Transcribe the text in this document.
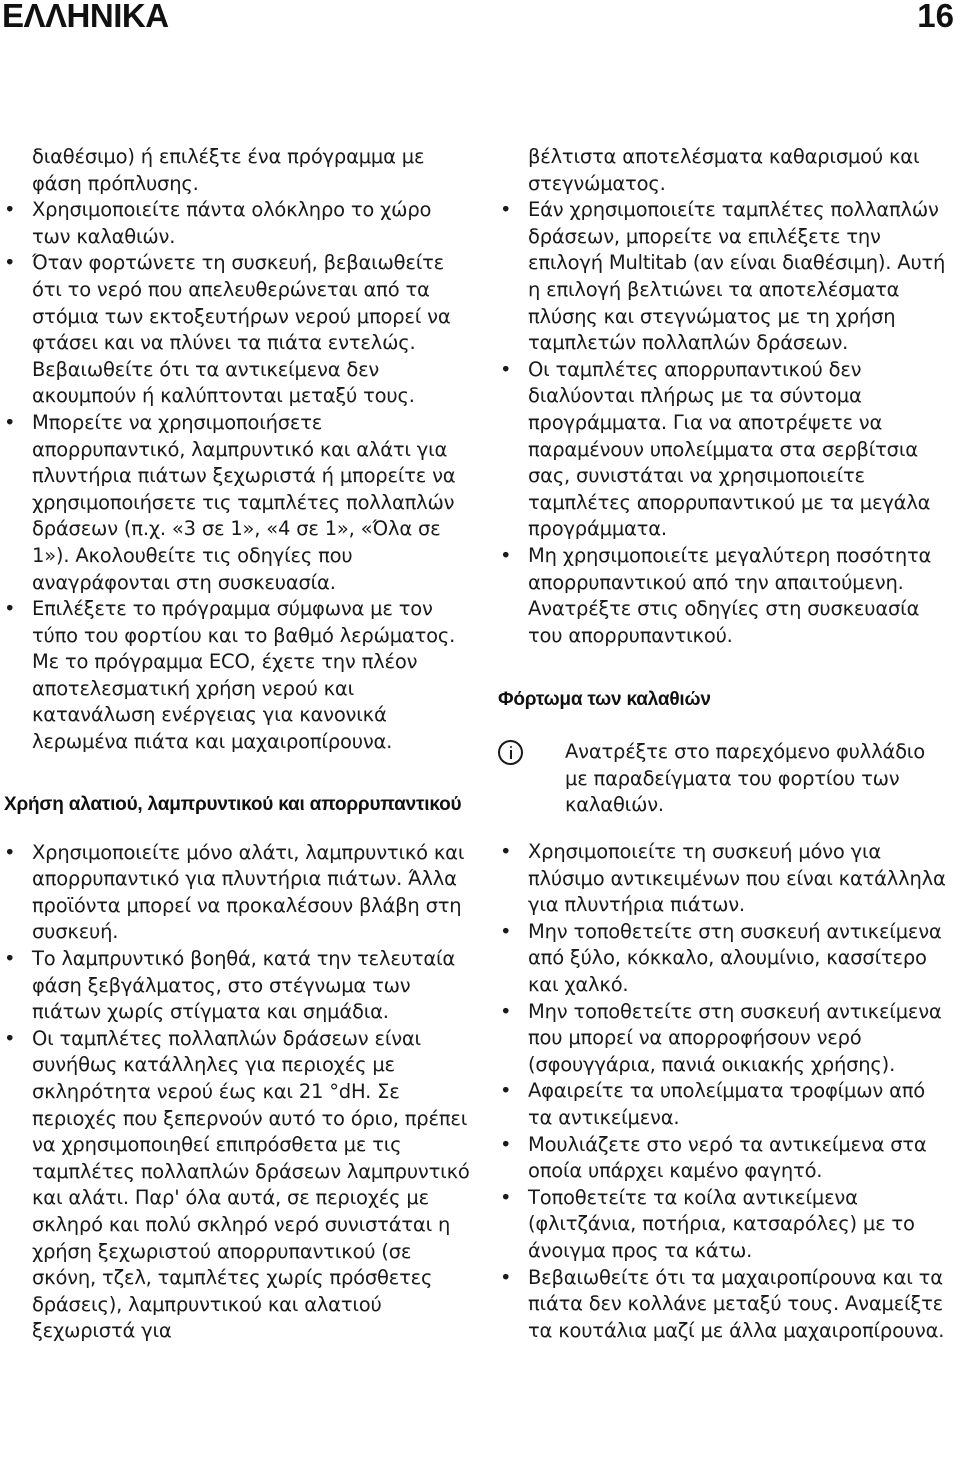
ΕΛΛΗΝΙΚΑ	16

διαθέσιμο) ή επιλέξτε ένα πρόγραμμα με φάση πρόπλυσης.

• Χρησιμοποιείτε πάντα ολόκληρο το χώρο των καλαθιών.
• Όταν φορτώνετε τη συσκευή, βεβαιωθείτε ότι το νερό που απελευθερώνεται από τα στόμια των εκτοξευτήρων νερού μπορεί να φτάσει και να πλύνει τα πιάτα εντελώς. Βεβαιωθείτε ότι τα αντικείμενα δεν ακουμπούν ή καλύπτονται μεταξύ τους.
• Μπορείτε να χρησιμοποιήσετε απορρυπαντικό, λαμπρυντικό και αλάτι για πλυντήρια πιάτων ξεχωριστά ή μπορείτε να χρησιμοποιήσετε τις ταμπλέτες πολλαπλών δράσεων (π.χ. «3 σε 1», «4 σε 1», «Όλα σε 1»). Ακολουθείτε τις οδηγίες που αναγράφονται στη συσκευασία.
• Επιλέξετε το πρόγραμμα σύμφωνα με τον τύπο του φορτίου και το βαθμό λερώματος. Με το πρόγραμμα ECO, έχετε την πλέον αποτελεσματική χρήση νερού και κατανάλωση ενέργειας για κανονικά λερωμένα πιάτα και μαχαιροπίρουνα.
Χρήση αλατιού, λαμπρυντικού και απορρυπαντικού
• Χρησιμοποιείτε μόνο αλάτι, λαμπρυντικό και απορρυπαντικό για πλυντήρια πιάτων. Άλλα προϊόντα μπορεί να προκαλέσουν βλάβη στη συσκευή.
• Το λαμπρυντικό βοηθά, κατά την τελευταία φάση ξεβγάλματος, στο στέγνωμα των πιάτων χωρίς στίγματα και σημάδια.
• Οι ταμπλέτες πολλαπλών δράσεων είναι συνήθως κατάλληλες για περιοχές με σκληρότητα νερού έως και 21 °dH. Σε περιοχές που ξεπερνούν αυτό το όριο, πρέπει να χρησιμοποιηθεί επιπρόσθετα με τις ταμπλέτες πολλαπλών δράσεων λαμπρυντικό και αλάτι. Παρ' όλα αυτά, σε περιοχές με σκληρό και πολύ σκληρό νερό συνιστάται η χρήση ξεχωριστού απορρυπαντικού (σε σκόνη, τζελ, ταμπλέτες χωρίς πρόσθετες δράσεις), λαμπρυντικού και αλατιού ξεχωριστά για

βέλτιστα αποτελέσματα καθαρισμού και στεγνώματος.

• Εάν χρησιμοποιείτε ταμπλέτες πολλαπλών δράσεων, μπορείτε να επιλέξετε την επιλογή Multitab (αν είναι διαθέσιμη). Αυτή η επιλογή βελτιώνει τα αποτελέσματα πλύσης και στεγνώματος με τη χρήση ταμπλετών πολλαπλών δράσεων.
• Οι ταμπλέτες απορρυπαντικού δεν διαλύονται πλήρως με τα σύντομα προγράμματα. Για να αποτρέψετε να παραμένουν υπολείμματα στα σερβίτσια σας, συνιστάται να χρησιμοποιείτε ταμπλέτες απορρυπαντικού με τα μεγάλα προγράμματα.
• Μη χρησιμοποιείτε μεγαλύτερη ποσότητα απορρυπαντικού από την απαιτούμενη. Ανατρέξτε στις οδηγίες στη συσκευασία του απορρυπαντικού.
Φόρτωμα των καλαθιών
Ανατρέξτε στο παρεχόμενο φυλλάδιο με παραδείγματα του φορτίου των καλαθιών.
• Χρησιμοποιείτε τη συσκευή μόνο για πλύσιμο αντικειμένων που είναι κατάλληλα για πλυντήρια πιάτων.
• Μην τοποθετείτε στη συσκευή αντικείμενα από ξύλο, κόκκαλο, αλουμίνιο, κασσίτερο και χαλκό.
• Μην τοποθετείτε στη συσκευή αντικείμενα που μπορεί να απορροφήσουν νερό (σφουγγάρια, πανιά οικιακής χρήσης).
• Αφαιρείτε τα υπολείμματα τροφίμων από τα αντικείμενα.
• Μουλιάζετε στο νερό τα αντικείμενα στα οποία υπάρχει καμένο φαγητό.
• Τοποθετείτε τα κοίλα αντικείμενα (φλιτζάνια, ποτήρια, κατσαρόλες) με το άνοιγμα προς τα κάτω.
• Βεβαιωθείτε ότι τα μαχαιροπίρουνα και τα πιάτα δεν κολλάνε μεταξύ τους. Αναμείξτε τα κουτάλια μαζί με άλλα μαχαιροπίρουνα.
